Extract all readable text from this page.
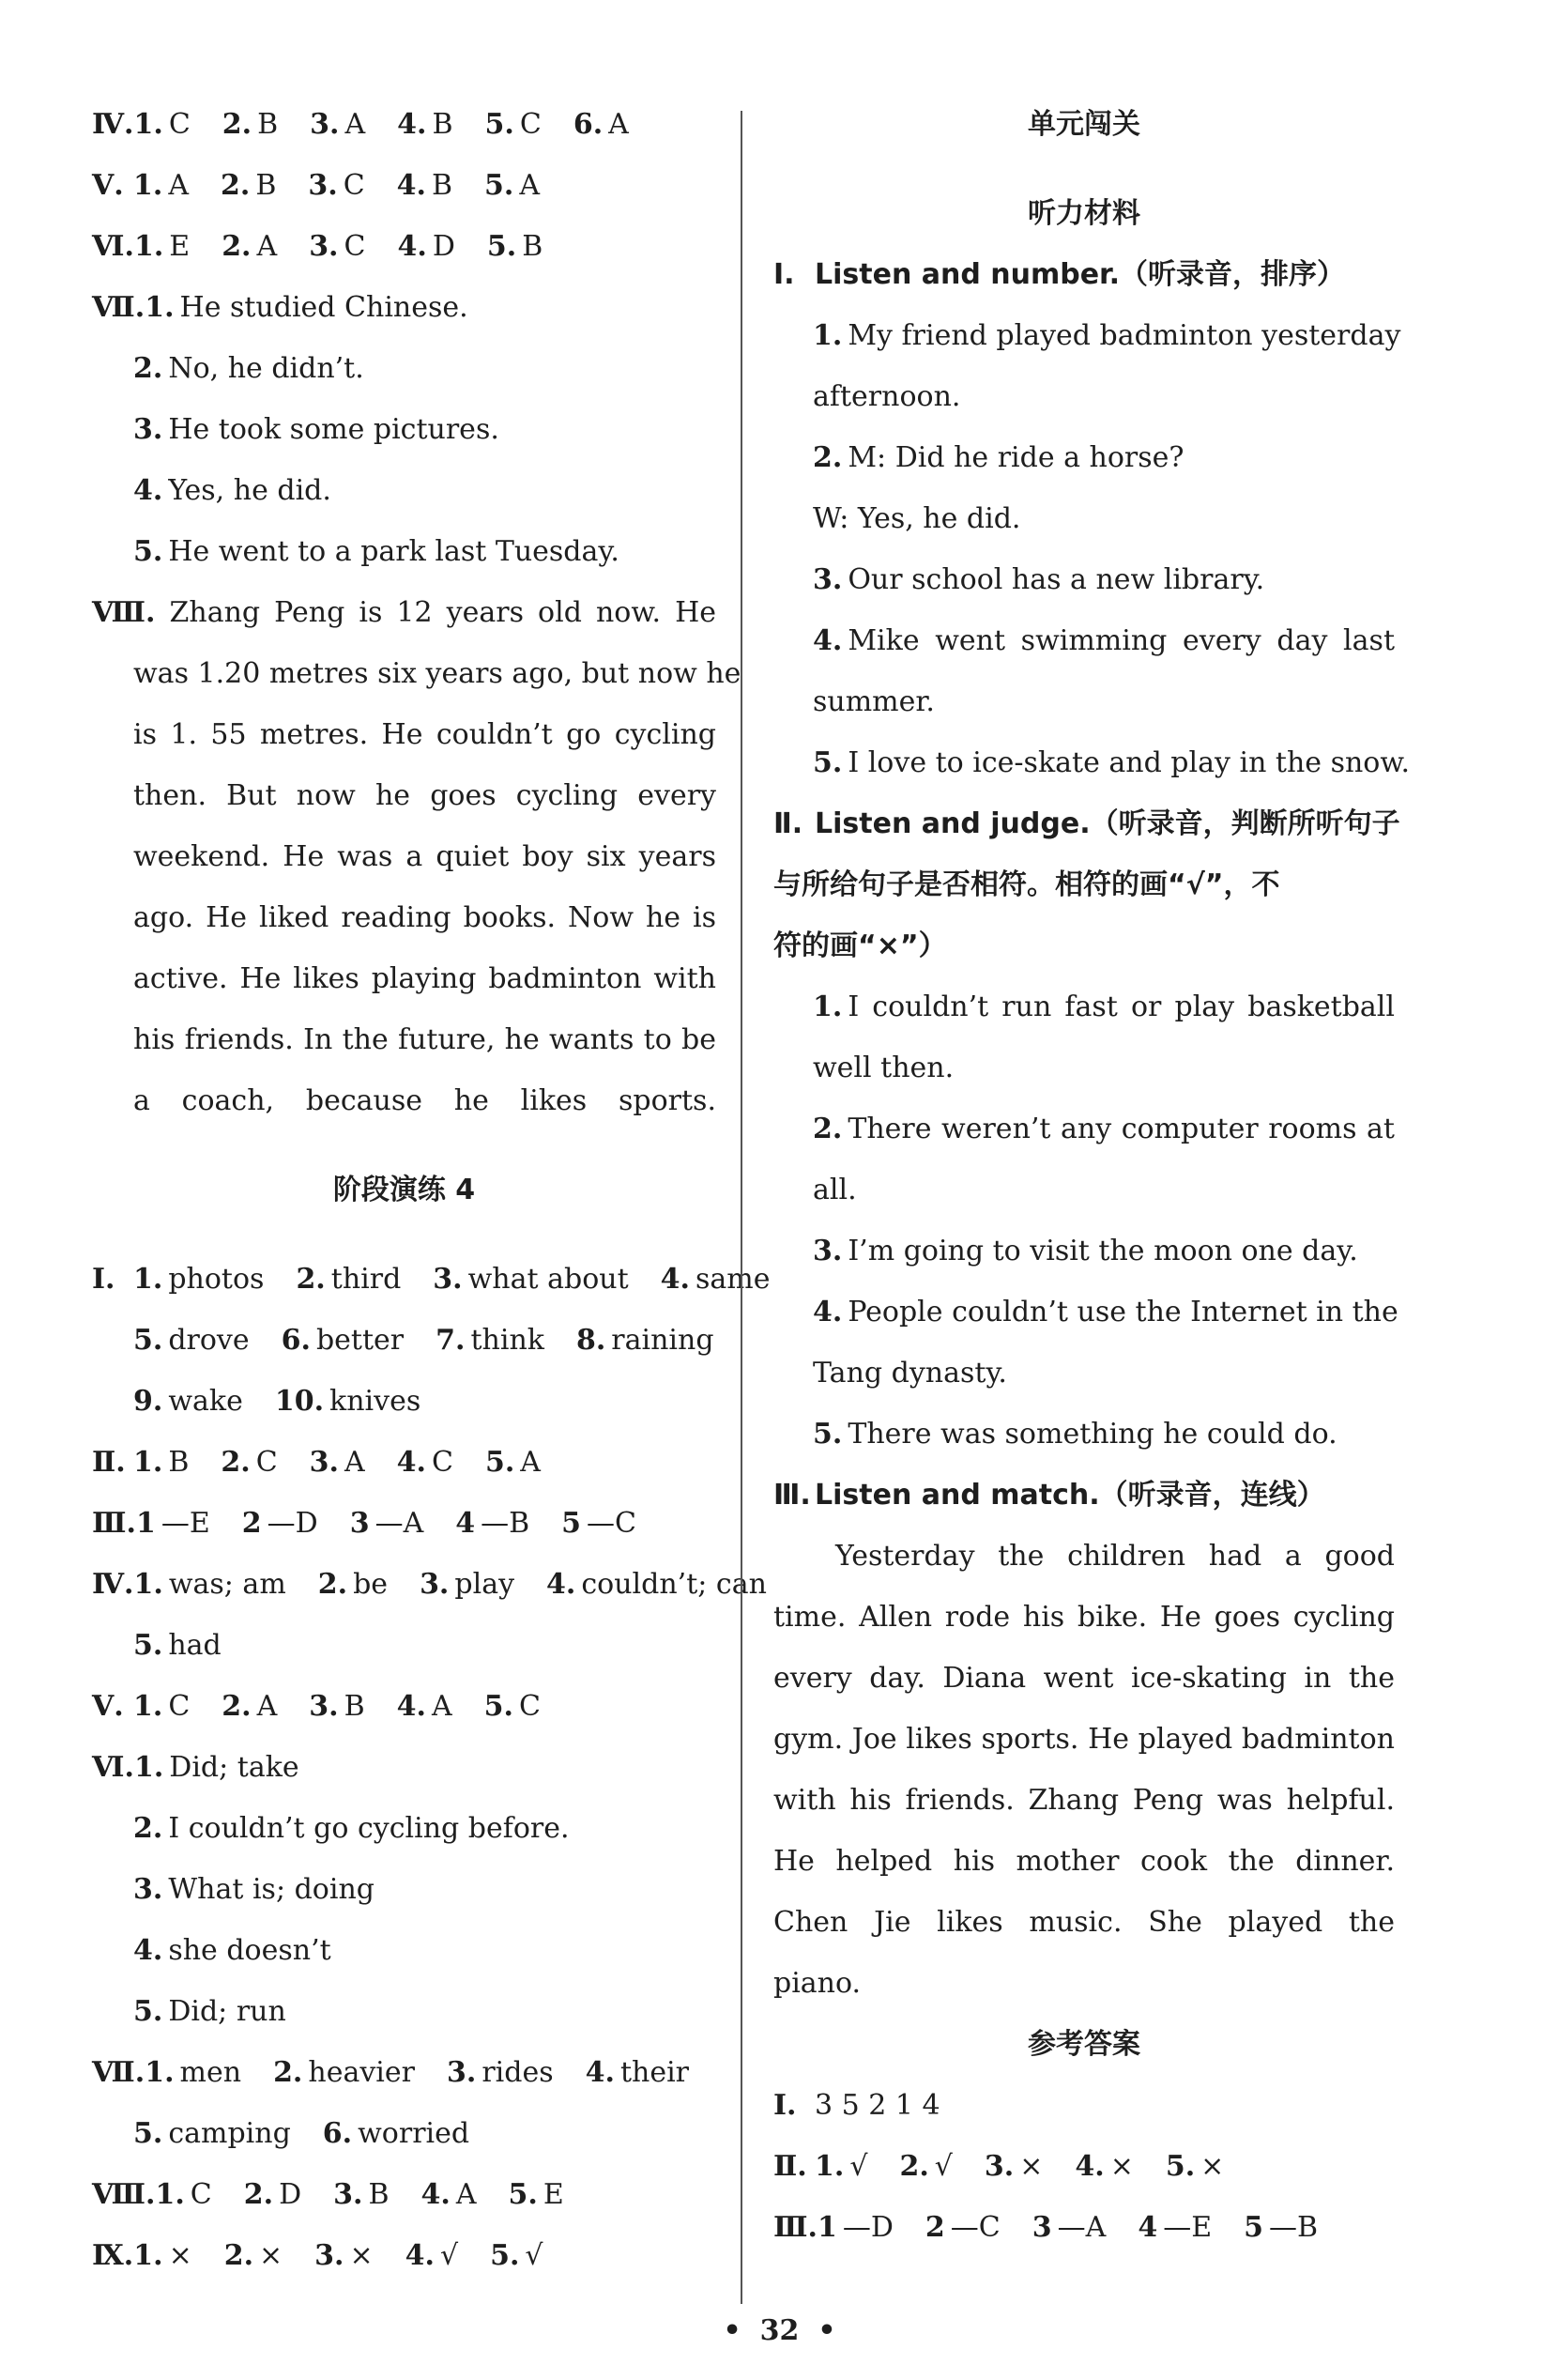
Ⅳ.1. C 2. B 3. A 4. B 5. C 6. A
Ⅴ. 1. A 2. B 3. C 4. B 5. A
Ⅵ.1. E 2. A 3. C 4. D 5. B
Ⅶ.1. He studied Chinese.
2. No, he didn’t.
3. He took some pictures.
4. Yes, he did.
5. He went to a park last Tuesday.
Ⅷ. Zhang Peng is 12 years old now. He
was 1.20 metres six years ago, but now he
is 1. 55 metres. He couldn’t go cycling
then. But now he goes cycling every
weekend. He was a quiet boy six years
ago. He liked reading books. Now he is
active. He likes playing badminton with
his friends. In the future, he wants to be
a coach, because he likes sports.
阶段演练 4
Ⅰ. 1. photos 2. third 3. what about 4. same
5. drove 6. better 7. think 8. raining
9. wake 10. knives
Ⅱ. 1. B 2. C 3. A 4. C 5. A
Ⅲ.1 —E 2 —D 3 —A 4 —B 5 —C
Ⅳ.1. was; am 2. be 3. play 4. couldn’t; can
5. had
Ⅴ. 1. C 2. A 3. B 4. A 5. C
Ⅵ.1. Did; take
2. I couldn’t go cycling before.
3. What is; doing
4. she doesn’t
5. Did; run
Ⅶ.1. men 2. heavier 3. rides 4. their
5. camping 6. worried
Ⅷ.1. C 2. D 3. B 4. A 5. E
Ⅸ.1. × 2. × 3. × 4. √ 5. √
单元闯关
听力材料
Ⅰ. Listen and number.（听录音，排序）
1. My friend played badminton yesterday
afternoon.
2. M: Did he ride a horse?
W: Yes, he did.
3. Our school has a new library.
4. Mike went swimming every day last
summer.
5. I love to ice-skate and play in the snow.
Ⅱ. Listen and judge.（听录音，判断所听句子
与所给句子是否相符。相符的画“√”，不
符的画“×”）
1. I couldn’t run fast or play basketball
well then.
2. There weren’t any computer rooms at
all.
3. I’m going to visit the moon one day.
4. People couldn’t use the Internet in the
Tang dynasty.
5. There was something he could do.
Ⅲ. Listen and match.（听录音，连线）
Yesterday the children had a good
time. Allen rode his bike. He goes cycling
every day. Diana went ice-skating in the
gym. Joe likes sports. He played badminton
with his friends. Zhang Peng was helpful.
He helped his mother cook the dinner.
Chen Jie likes music. She played the
piano.
参考答案
Ⅰ. 3 5 2 1 4
Ⅱ. 1. √ 2. √ 3. × 4. × 5. ×
Ⅲ.1 —D 2 —C 3 —A 4 —E 5 —B
• 32 •
